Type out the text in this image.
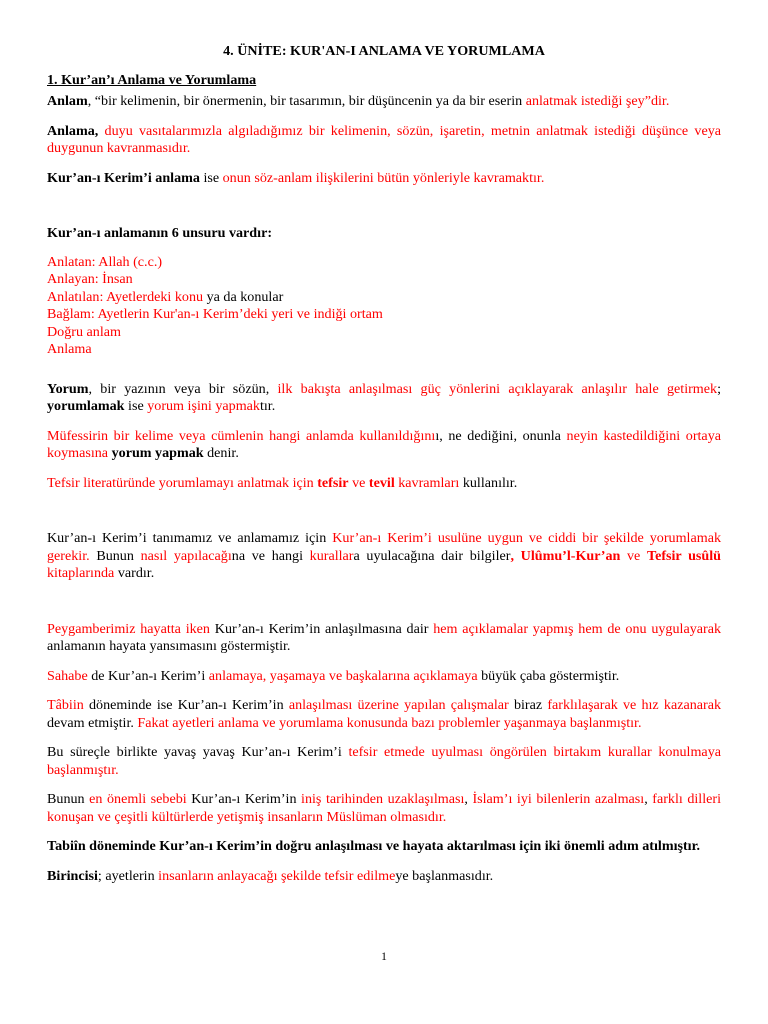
4. ÜNİTE: KUR'AN-I ANLAMA VE YORUMLAMA
1. Kur’an’ı Anlama ve Yorumlama

Anlam, “bir kelimenin, bir önermenin, bir tasarımın, bir düşüncenin ya da bir eserin anlatmak istediği şey”dir.

Anlama, duyu vasıtalarımızla algıladığımız bir kelimenin, sözün, işaretin, metnin anlatmak istediği düşünce veya duygunun kavranmasıdır.

Kur’an-ı Kerim’i anlama ise onun söz-anlam ilişkilerini bütün yönleriyle kavramaktır.

Kur’an-ı anlamanın 6 unsuru vardır:

Anlatan: Allah (c.c.)
Anlayan: İnsan
Anlatılan: Ayetlerdeki konu ya da konular
Bağlam: Ayetlerin Kur'an-ı Kerim’deki yeri ve indiği ortam
Doğru anlam
Anlama

Yorum, bir yazının veya bir sözün, ilk bakışta anlaşılması güç yönlerini açıklayarak anlaşılır hale getirmek; yorumlamak ise yorum işini yapmaktır.

Müfessirin bir kelime veya cümlenin hangi anlamda kullanıldığınıı, ne dediğini, onunla neyin kastedildiğini ortaya koymasına yorum yapmak denir.

Tefsir literatüründe yorumlamayı anlatmak için tefsir ve tevil kavramları kullanılır.

Kur’an-ı Kerim’i tanımamız ve anlamamız için Kur’an-ı Kerim’i usulüne uygun ve ciddi bir şekilde yorumlamak gerekir. Bunun nasıl yapılacağına ve hangi kurallara uyulacağına dair bilgiler, Ulûmu’l-Kur’an ve Tefsir usûlü kitaplarında vardır.

Peygamberimiz hayatta iken Kur’an-ı Kerim’in anlaşılmasına dair hem açıklamalar yapmış hem de onu uygulayarak anlamanın hayata yansımasını göstermiştir.

Sahabe de Kur’an-ı Kerim’i anlamaya, yaşamaya ve başkalarına açıklamaya büyük çaba göstermiştir.

Tâbiin döneminde ise Kur’an-ı Kerim’in anlaşılması üzerine yapılan çalışmalar biraz farklılaşarak ve hız kazanarak devam etmiştir. Fakat ayetleri anlama ve yorumlama konusunda bazı problemler yaşanmaya başlanmıştır.

Bu süreçle birlikte yavaş yavaş Kur’an-ı Kerim’i tefsir etmede uyulması öngörülen birtakım kurallar konulmaya başlanmıştır.

Bunun en önemli sebebi Kur’an-ı Kerim’in iniş tarihinden uzaklaşılması, İslam’ı iyi bilenlerin azalması, farklı dilleri konuşan ve çeşitli kültürlerde yetişmiş insanların Müslüman olmasıdır.

Tabiîn döneminde Kur’an-ı Kerim’in doğru anlaşılması ve hayata aktarılması için iki önemli adım atılmıştır.

Birincisi; ayetlerin insanların anlayacağı şekilde tefsir edilmeye başlanmasıdır.

1
